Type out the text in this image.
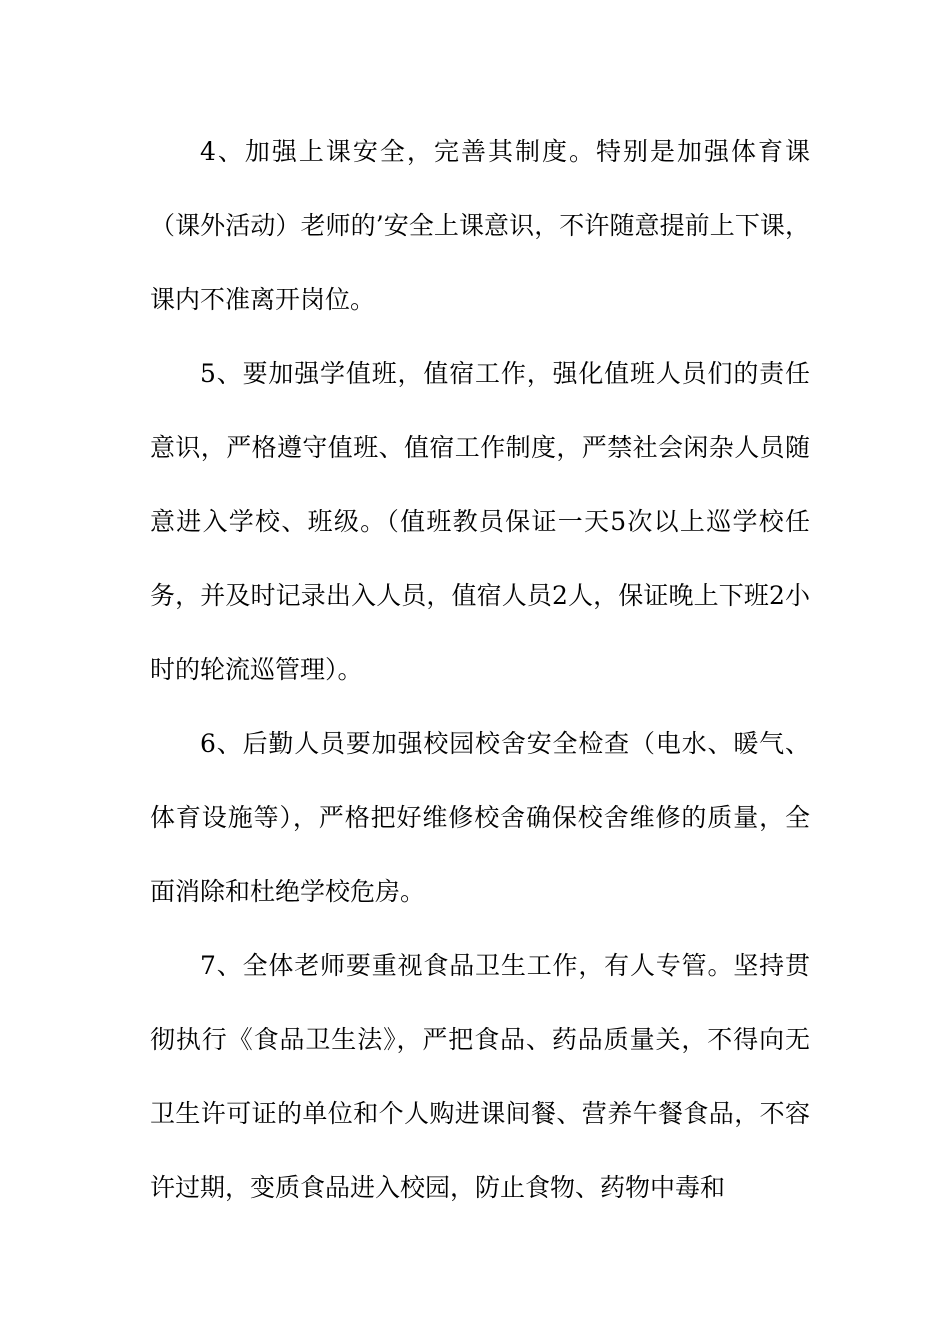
4、加强上课安全，完善其制度。特别是加强体育课（课外活动）老师的’安全上课意识，不许随意提前上下课，课内不准离开岗位。

5、要加强学值班，值宿工作，强化值班人员们的责任意识，严格遵守值班、值宿工作制度，严禁社会闲杂人员随意进入学校、班级。（值班教员保证一天5次以上巡学校任务，并及时记录出入人员，值宿人员2人，保证晚上下班2小时的轮流巡管理）。

6、后勤人员要加强校园校舍安全检查（电水、暖气、体育设施等），严格把好维修校舍确保校舍维修的质量，全面消除和杜绝学校危房。

7、全体老师要重视食品卫生工作，有人专管。坚持贯彻执行《食品卫生法》，严把食品、药品质量关，不得向无卫生许可证的单位和个人购进课间餐、营养午餐食品，不容许过期，变质食品进入校园，防止食物、药物中毒和
